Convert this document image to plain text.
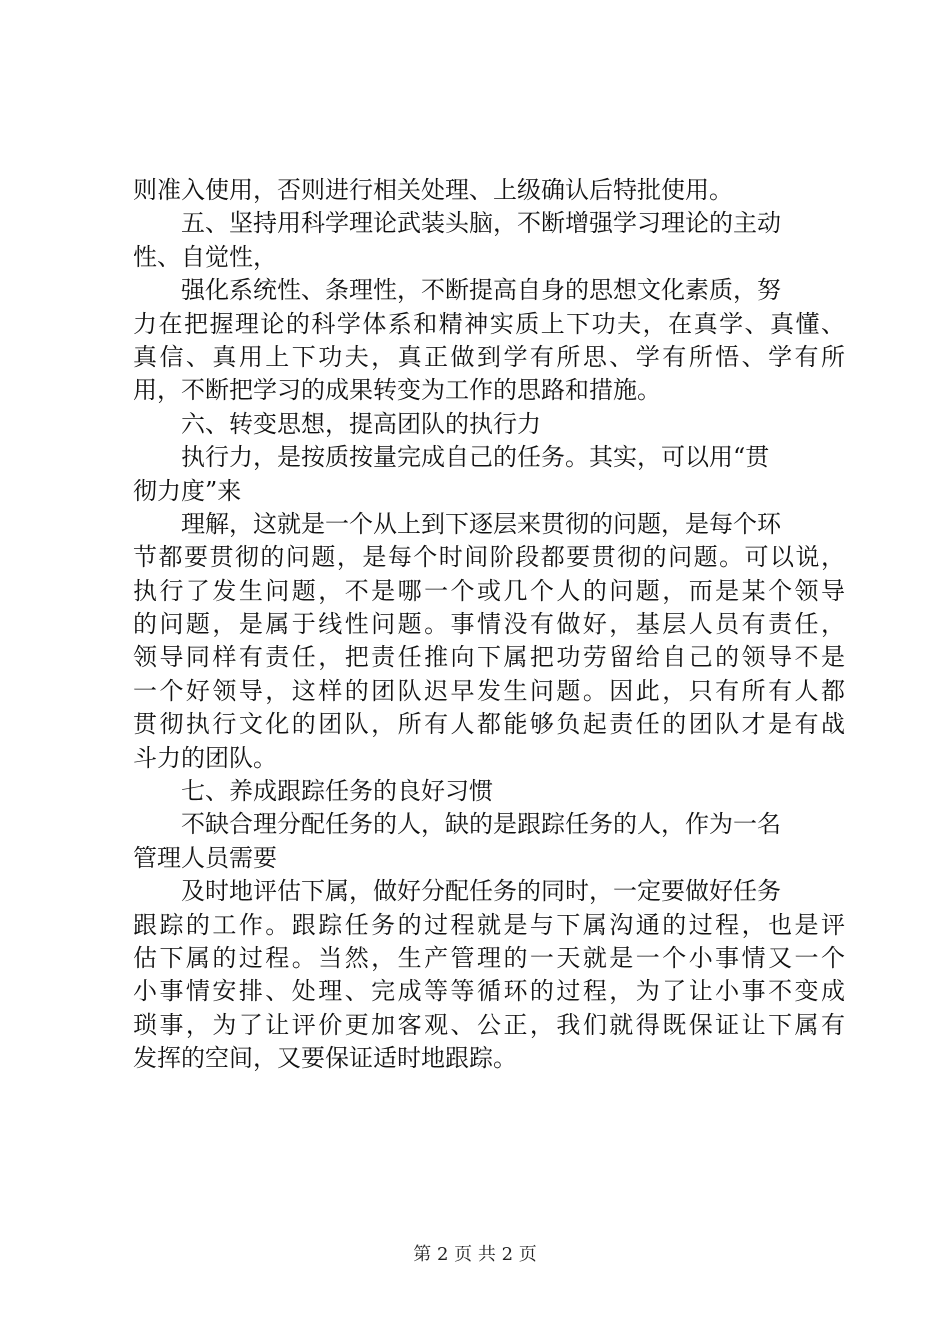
则准入使用，否则进行相关处理、上级确认后特批使用。
五、坚持用科学理论武装头脑，不断增强学习理论的主动
性、自觉性，
强化系统性、条理性，不断提高自身的思想文化素质，努
力在把握理论的科学体系和精神实质上下功夫，在真学、真懂、
真信、真用上下功夫，真正做到学有所思、学有所悟、学有所
用，不断把学习的成果转变为工作的思路和措施。
六、转变思想，提高团队的执行力
执行力，是按质按量完成自己的任务。其实，可以用“贯
彻力度”来
理解，这就是一个从上到下逐层来贯彻的问题，是每个环
节都要贯彻的问题，是每个时间阶段都要贯彻的问题。可以说，
执行了发生问题，不是哪一个或几个人的问题，而是某个领导
的问题，是属于线性问题。事情没有做好，基层人员有责任，
领导同样有责任，把责任推向下属把功劳留给自己的领导不是
一个好领导，这样的团队迟早发生问题。因此，只有所有人都
贯彻执行文化的团队，所有人都能够负起责任的团队才是有战
斗力的团队。
七、养成跟踪任务的良好习惯
不缺合理分配任务的人，缺的是跟踪任务的人，作为一名
管理人员需要
及时地评估下属，做好分配任务的同时，一定要做好任务
跟踪的工作。跟踪任务的过程就是与下属沟通的过程，也是评
估下属的过程。当然，生产管理的一天就是一个小事情又一个
小事情安排、处理、完成等等循环的过程，为了让小事不变成
琐事，为了让评价更加客观、公正，我们就得既保证让下属有
发挥的空间，又要保证适时地跟踪。
第 2 页 共 2 页
